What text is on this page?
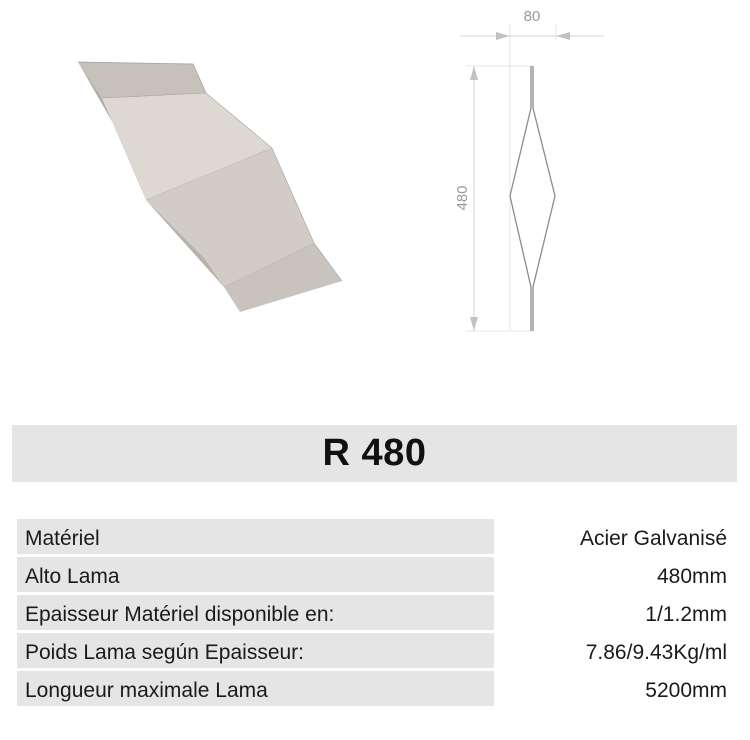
80
480
R 480
Matériel	Acier Galvanisé
Alto Lama	480mm
Epaisseur Matériel disponible en:	1/1.2mm
Poids Lama según Epaisseur:	7.86/9.43Kg/ml
Longueur maximale Lama	5200mm
